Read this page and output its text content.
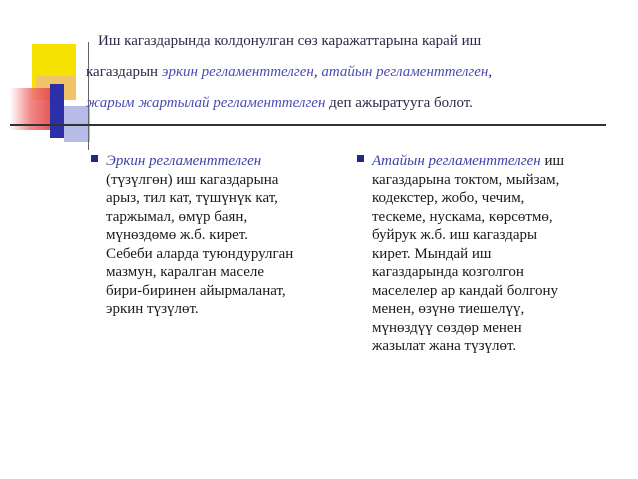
Иш кагаздарында колдонулган сөз каражаттарына карай иш
кагаздарын эркин регламенттелген, атайын регламенттелген,
жарым жартылай регламенттелген деп ажыратууга болот.
Эркин регламенттелген
(түзүлгөн) иш кагаздарына
арыз, тил кат, түшүнүк кат,
таржымал, өмүр баян,
мүнөздөмө ж.б. кирет.
Себеби аларда туюндурулган
мазмун, каралган маселе
бири-биринен айырмаланат,
эркин түзүлөт.
Атайын регламенттелген иш
кагаздарына токтом, мыйзам,
кодекстер, жобо, чечим,
тескеме, нускама, көрсөтмө,
буйрук ж.б. иш кагаздары
кирет. Мындай иш
кагаздарында козголгон
маселелер ар кандай болгону
менен, өзүнө тиешелүү,
мүнөздүү сөздөр менен
жазылат жана түзүлөт.
